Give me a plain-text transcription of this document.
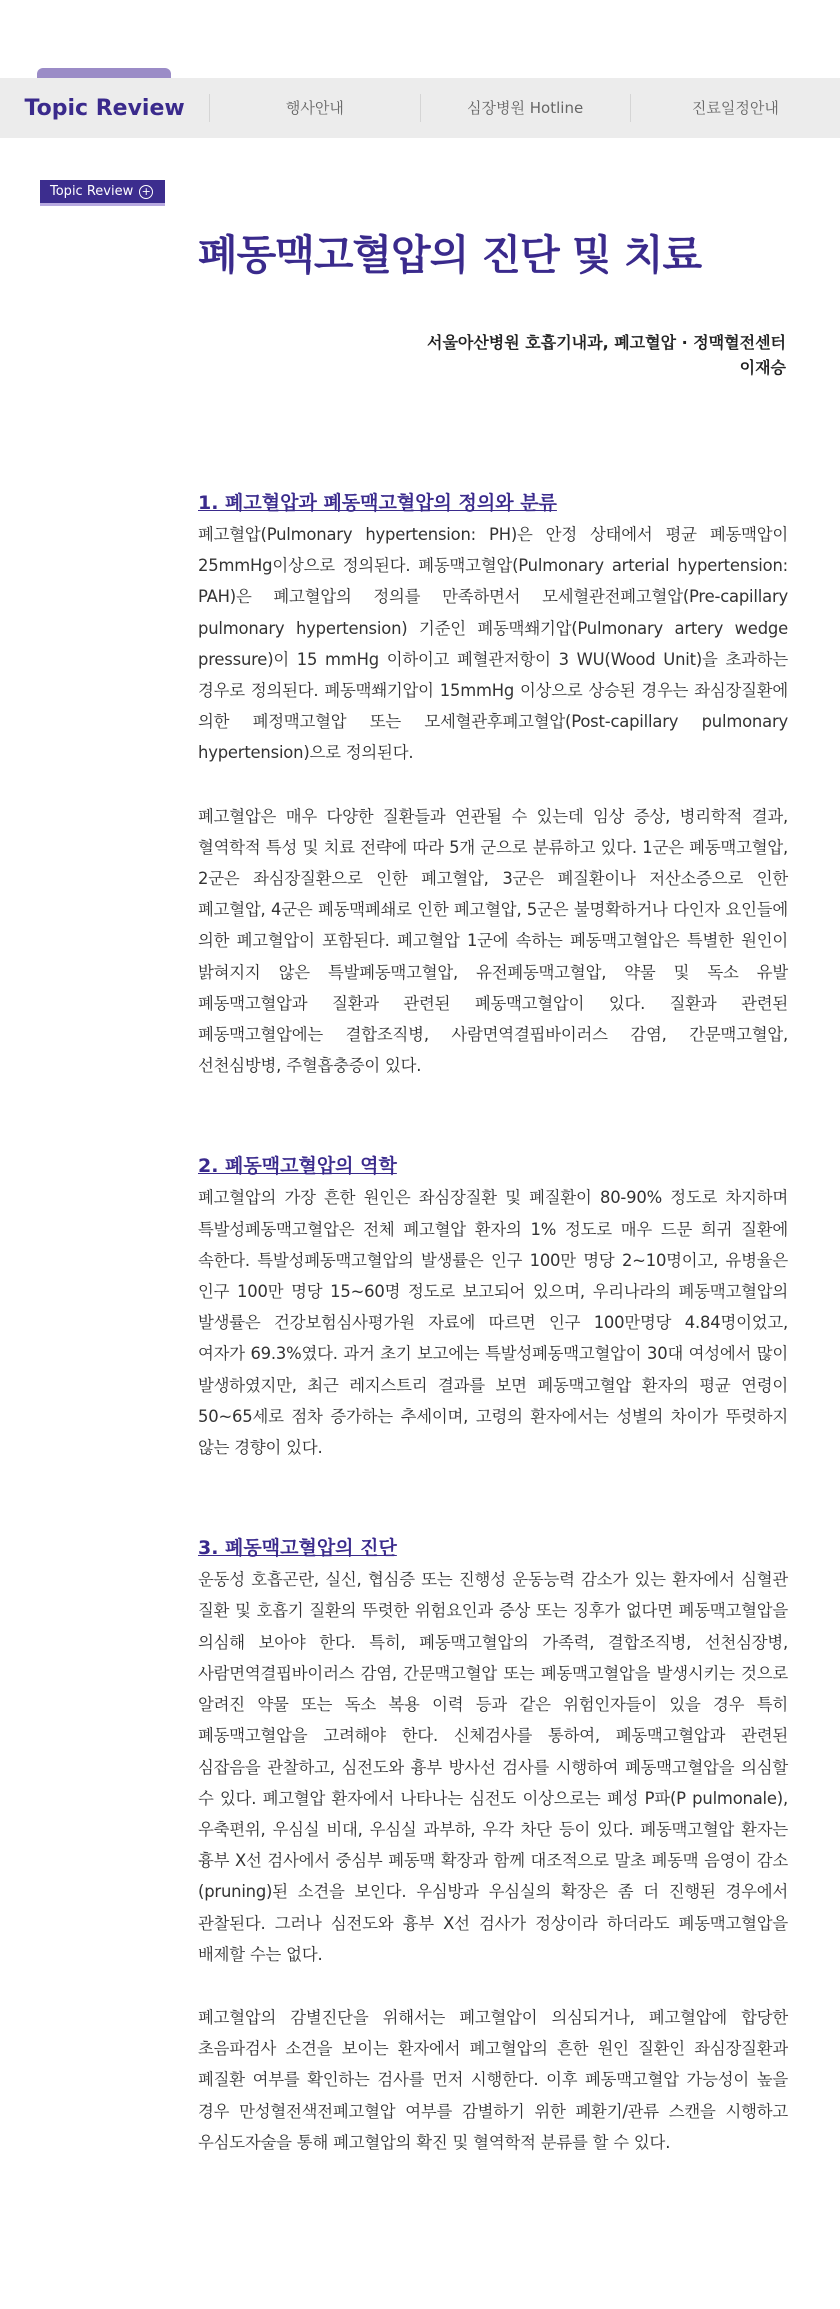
Topic Review	행사안내	심장병원 Hotline	진료일정안내
Topic Review +
폐동맥고혈압의 진단 및 치료
서울아산병원 호흡기내과, 폐고혈압 · 정맥혈전센터
이재승
1. 폐고혈압과 폐동맥고혈압의 정의와 분류

폐고혈압(Pulmonary hypertension: PH)은 안정 상태에서 평균 폐동맥압이 25mmHg이상으로 정의된다. 폐동맥고혈압(Pulmonary arterial hypertension: PAH)은 폐고혈압의 정의를 만족하면서 모세혈관전폐고혈압(Pre-capillary pulmonary hypertension) 기준인 폐동맥쐐기압(Pulmonary artery wedge pressure)이 15 mmHg 이하이고 폐혈관저항이 3 WU(Wood Unit)을 초과하는 경우로 정의된다. 폐동맥쐐기압이 15mmHg 이상으로 상승된 경우는 좌심장질환에 의한 폐정맥고혈압 또는 모세혈관후폐고혈압(Post-capillary pulmonary hypertension)으로 정의된다.

폐고혈압은 매우 다양한 질환들과 연관될 수 있는데 임상 증상, 병리학적 결과, 혈역학적 특성 및 치료 전략에 따라 5개 군으로 분류하고 있다. 1군은 폐동맥고혈압, 2군은 좌심장질환으로 인한 폐고혈압, 3군은 폐질환이나 저산소증으로 인한 폐고혈압, 4군은 폐동맥폐쇄로 인한 폐고혈압, 5군은 불명확하거나 다인자 요인들에 의한 폐고혈압이 포함된다. 폐고혈압 1군에 속하는 폐동맥고혈압은 특별한 원인이 밝혀지지 않은 특발폐동맥고혈압, 유전폐동맥고혈압, 약물 및 독소 유발 폐동맥고혈압과 질환과 관련된 폐동맥고혈압이 있다. 질환과 관련된 폐동맥고혈압에는 결합조직병, 사람면역결핍바이러스 감염, 간문맥고혈압, 선천심방병, 주혈흡충증이 있다.

2. 폐동맥고혈압의 역학

폐고혈압의 가장 흔한 원인은 좌심장질환 및 폐질환이 80-90% 정도로 차지하며 특발성폐동맥고혈압은 전체 폐고혈압 환자의 1% 정도로 매우 드문 희귀 질환에 속한다. 특발성폐동맥고혈압의 발생률은 인구 100만 명당 2~10명이고, 유병율은 인구 100만 명당 15~60명 정도로 보고되어 있으며, 우리나라의 폐동맥고혈압의 발생률은 건강보험심사평가원 자료에 따르면 인구 100만명당 4.84명이었고, 여자가 69.3%였다. 과거 초기 보고에는 특발성폐동맥고혈압이 30대 여성에서 많이 발생하였지만, 최근 레지스트리 결과를 보면 폐동맥고혈압 환자의 평균 연령이 50~65세로 점차 증가하는 추세이며, 고령의 환자에서는 성별의 차이가 뚜렷하지 않는 경향이 있다.

3. 폐동맥고혈압의 진단

운동성 호흡곤란, 실신, 협심증 또는 진행성 운동능력 감소가 있는 환자에서 심혈관 질환 및 호흡기 질환의 뚜렷한 위험요인과 증상 또는 징후가 없다면 폐동맥고혈압을 의심해 보아야 한다. 특히, 폐동맥고혈압의 가족력, 결합조직병, 선천심장병, 사람면역결핍바이러스 감염, 간문맥고혈압 또는 폐동맥고혈압을 발생시키는 것으로 알려진 약물 또는 독소 복용 이력 등과 같은 위험인자들이 있을 경우 특히 폐동맥고혈압을 고려해야 한다. 신체검사를 통하여, 폐동맥고혈압과 관련된 심잡음을 관찰하고, 심전도와 흉부 방사선 검사를 시행하여 폐동맥고혈압을 의심할 수 있다. 폐고혈압 환자에서 나타나는 심전도 이상으로는 폐성 P파(P pulmonale), 우축편위, 우심실 비대, 우심실 과부하, 우각 차단 등이 있다. 폐동맥고혈압 환자는 흉부 X선 검사에서 중심부 폐동맥 확장과 함께 대조적으로 말초 폐동맥 음영이 감소(pruning)된 소견을 보인다. 우심방과 우심실의 확장은 좀 더 진행된 경우에서 관찰된다. 그러나 심전도와 흉부 X선 검사가 정상이라 하더라도 폐동맥고혈압을 배제할 수는 없다.

폐고혈압의 감별진단을 위해서는 폐고혈압이 의심되거나, 폐고혈압에 합당한 초음파검사 소견을 보이는 환자에서 폐고혈압의 흔한 원인 질환인 좌심장질환과 폐질환 여부를 확인하는 검사를 먼저 시행한다. 이후 폐동맥고혈압 가능성이 높을 경우 만성혈전색전폐고혈압 여부를 감별하기 위한 폐환기/관류 스캔을 시행하고 우심도자술을 통해 폐고혈압의 확진 및 혈역학적 분류를 할 수 있다.
